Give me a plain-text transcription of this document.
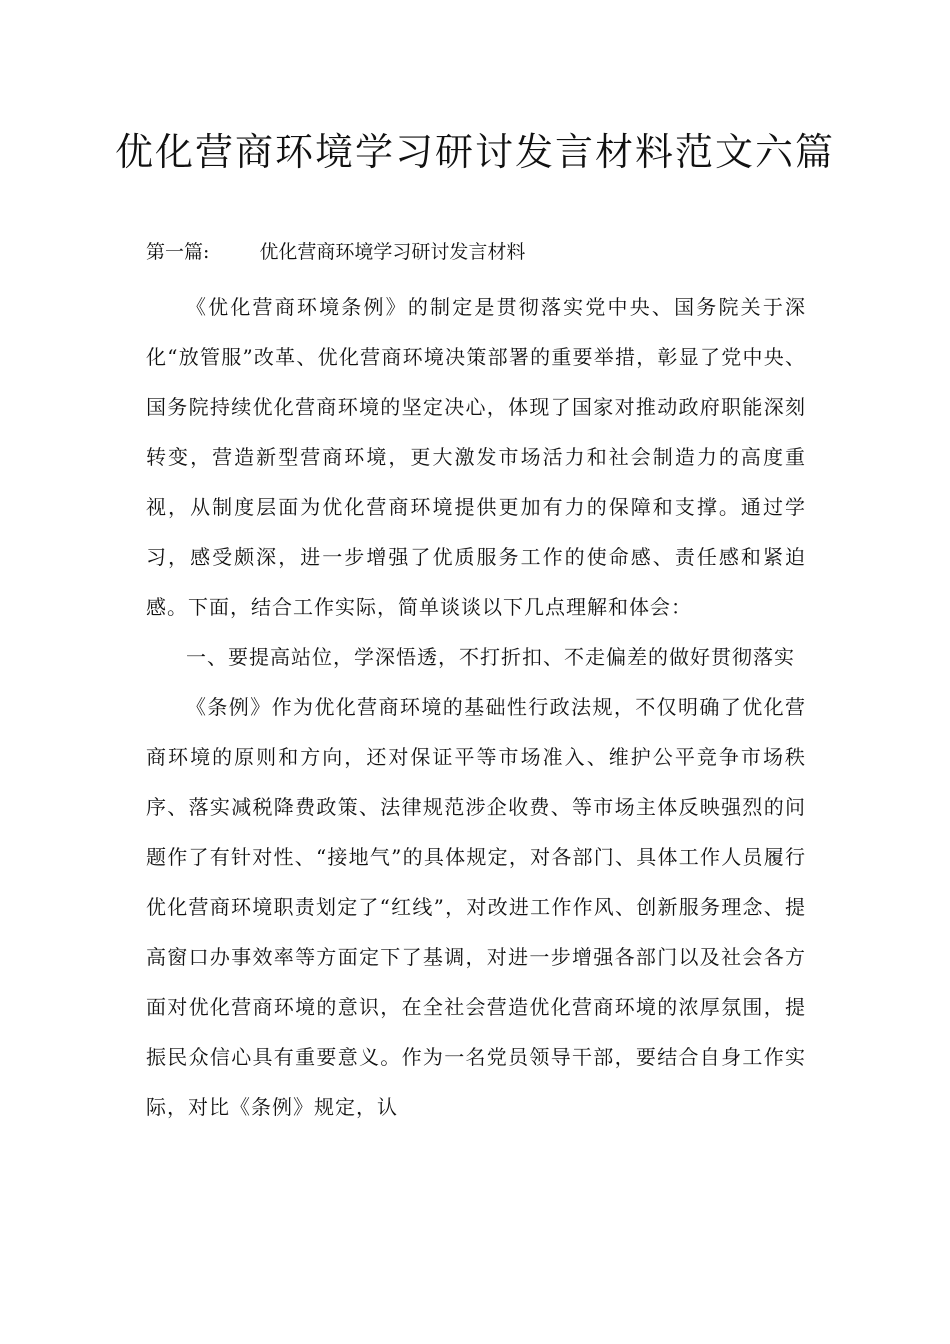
优化营商环境学习研讨发言材料范文六篇
第一篇:	优化营商环境学习研讨发言材料

《优化营商环境条例》的制定是贯彻落实党中央、国务院关于深化“放管服”改革、优化营商环境决策部署的重要举措，彰显了党中央、国务院持续优化营商环境的坚定决心，体现了国家对推动政府职能深刻转变，营造新型营商环境，更大激发市场活力和社会制造力的高度重视，从制度层面为优化营商环境提供更加有力的保障和支撑。通过学习，感受颇深，进一步增强了优质服务工作的使命感、责任感和紧迫感。下面，结合工作实际，简单谈谈以下几点理解和体会：

一、要提高站位，学深悟透，不打折扣、不走偏差的做好贯彻落实

《条例》作为优化营商环境的基础性行政法规，不仅明确了优化营商环境的原则和方向，还对保证平等市场准入、维护公平竞争市场秩序、落实减税降费政策、法律规范涉企收费、等市场主体反映强烈的问题作了有针对性、“接地气”的具体规定，对各部门、具体工作人员履行优化营商环境职责划定了“红线”，对改进工作作风、创新服务理念、提高窗口办事效率等方面定下了基调，对进一步增强各部门以及社会各方面对优化营商环境的意识，在全社会营造优化营商环境的浓厚氛围，提振民众信心具有重要意义。作为一名党员领导干部，要结合自身工作实际，对比《条例》规定，认
